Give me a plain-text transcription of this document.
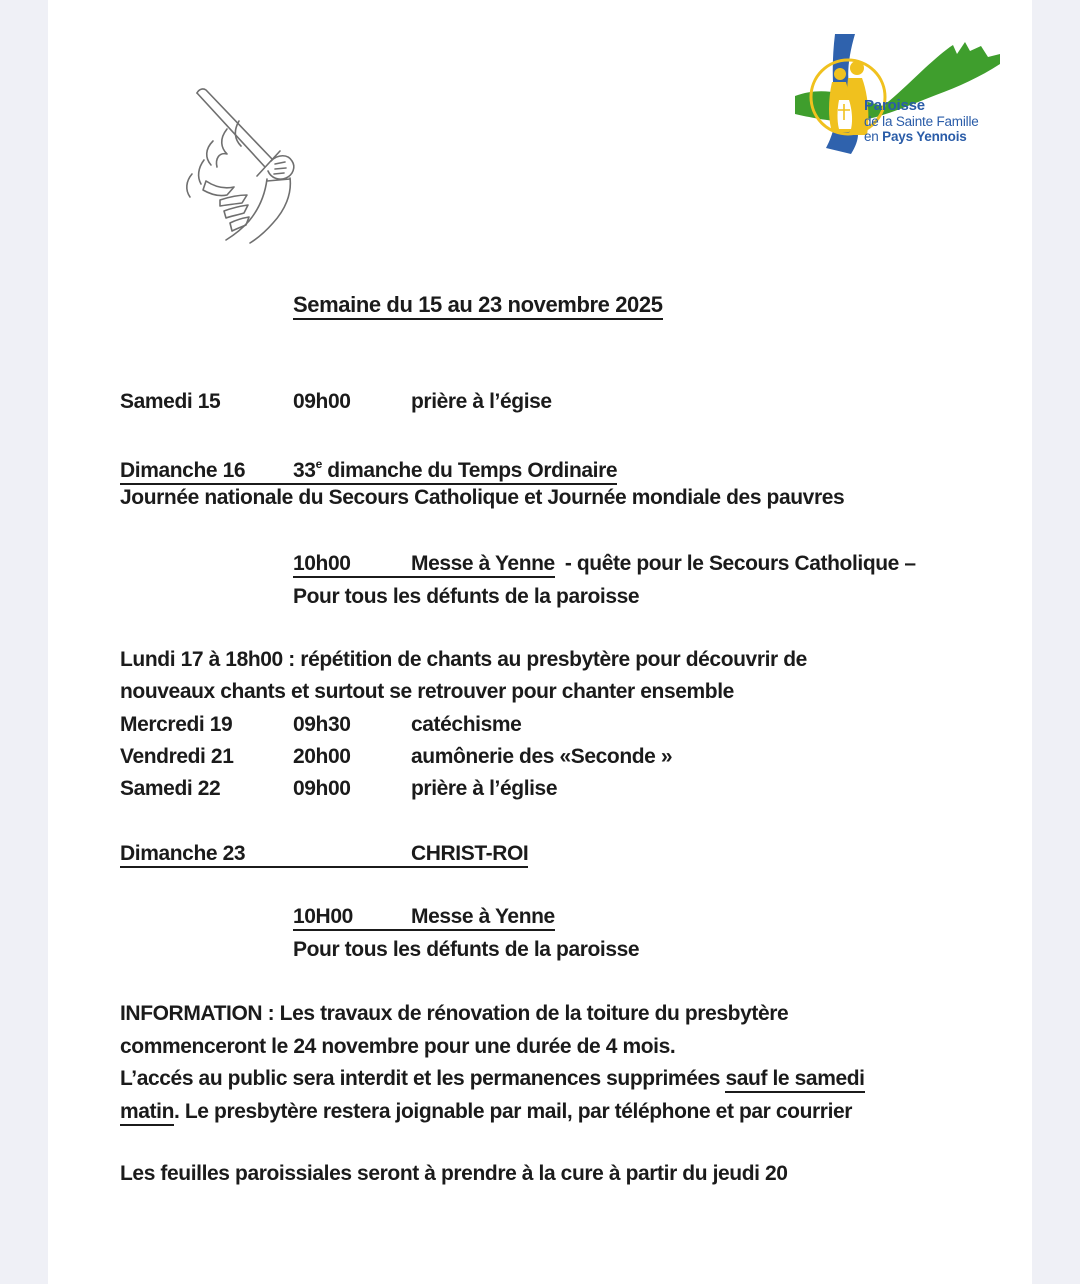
Paroisse
de la Sainte Famille
en Pays Yennois
Semaine du 15 au 23 novembre 2025
Samedi 15	09h00	prière à l’égise
Dimanche 16 33e dimanche du Temps Ordinaire
Journée nationale du Secours Catholique et Journée mondiale des pauvres
10h00	Messe à Yenne - quête pour le Secours Catholique –
Pour tous les défunts de la paroisse
Lundi 17 à 18h00 : répétition de chants au presbytère pour découvrir de
nouveaux chants et surtout se retrouver pour chanter ensemble
Mercredi 19	09h30	catéchisme
Vendredi 21	20h00	aumônerie des «Seconde »
Samedi 22	09h00	prière à l’église
Dimanche 23	CHRIST-ROI
10H00	Messe à Yenne
Pour tous les défunts de la paroisse
INFORMATION : Les travaux de rénovation de la toiture du presbytère
commenceront le 24 novembre pour une durée de 4 mois.
L’accés au public sera interdit et les permanences supprimées sauf le samedi
matin. Le presbytère restera joignable par mail, par téléphone et par courrier
Les feuilles paroissiales seront à prendre à la cure à partir du jeudi 20
